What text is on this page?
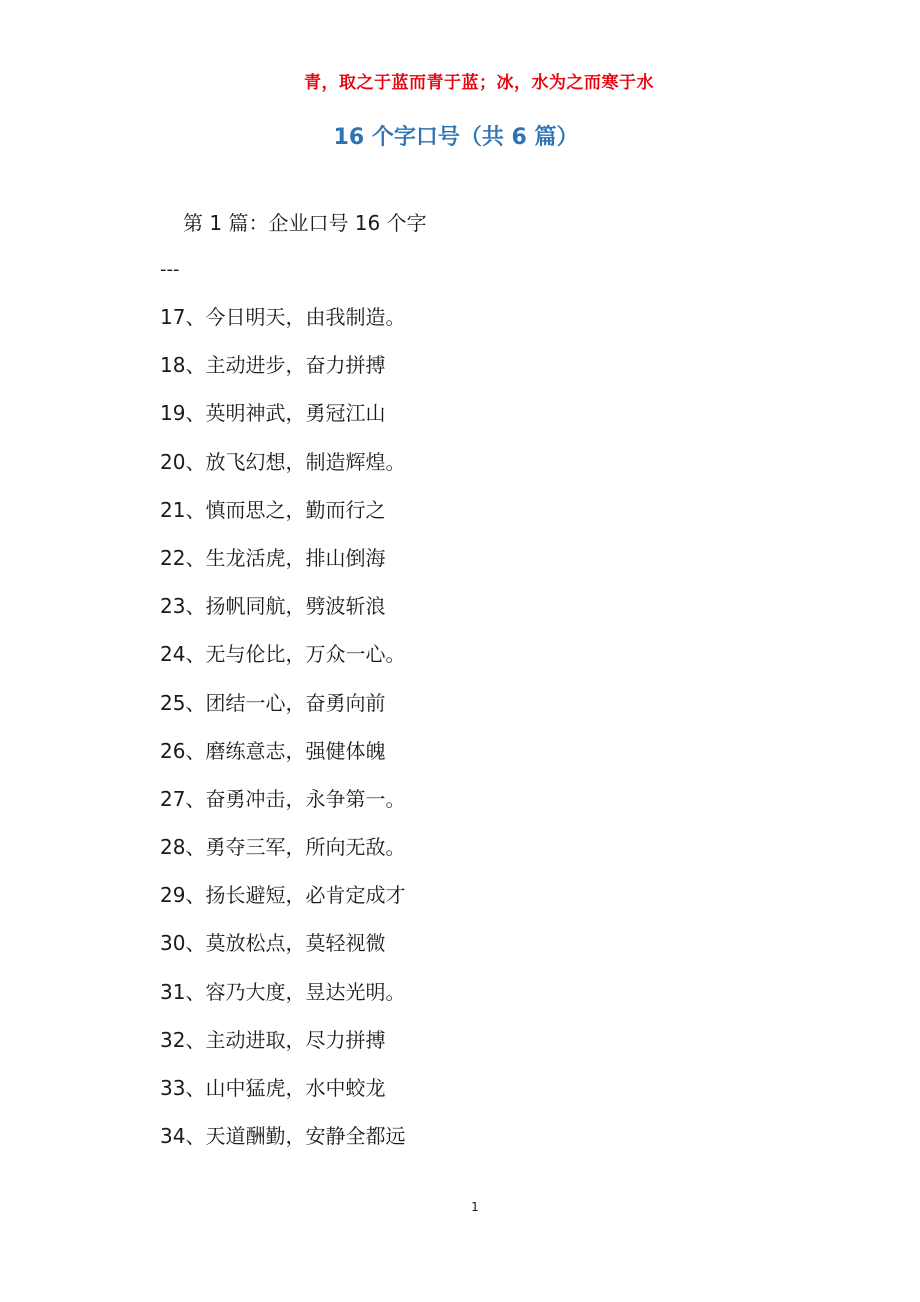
青，取之于蓝而青于蓝；冰，水为之而寒于水
16 个字口号（共 6 篇）
第 1 篇：企业口号 16 个字
---
17、今日明天，由我制造。
18、主动进步，奋力拼搏
19、英明神武，勇冠江山
20、放飞幻想，制造辉煌。
21、慎而思之，勤而行之
22、生龙活虎，排山倒海
23、扬帆同航，劈波斩浪
24、无与伦比，万众一心。
25、团结一心，奋勇向前
26、磨练意志，强健体魄
27、奋勇冲击，永争第一。
28、勇夺三军，所向无敌。
29、扬长避短，必肯定成才
30、莫放松点，莫轻视微
31、容乃大度，昱达光明。
32、主动进取，尽力拼搏
33、山中猛虎，水中蛟龙
34、天道酬勤，安静全都远
1
